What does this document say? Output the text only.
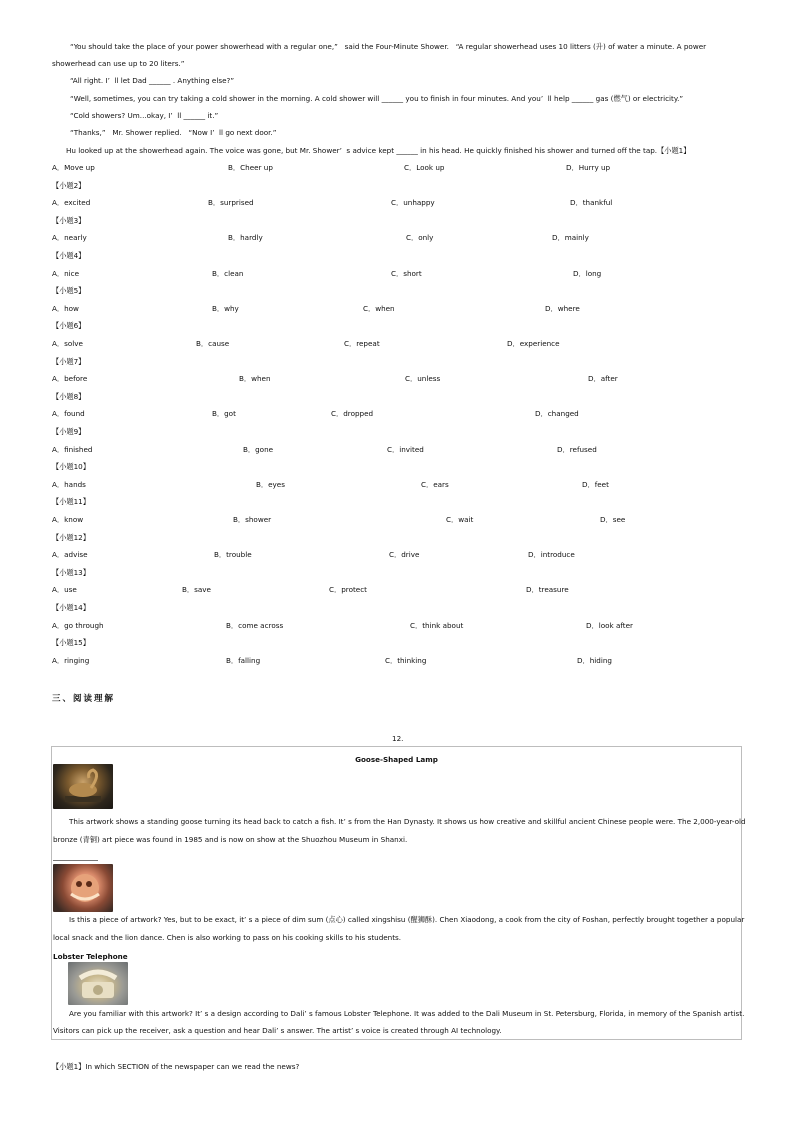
“You should take the place of your power showerhead with a regular one,”   said the Four-Minute Shower.   “A regular showerhead uses 10 litters (升) of water a minute. A power
showerhead can use up to 20 liters.”
“All right. I’  ll let Dad ______ . Anything else?”
“Well, sometimes, you can try taking a cold shower in the morning. A cold shower will ______ you to finish in four minutes. And you’  ll help ______ gas (燃气) or electricity.”
“Cold showers? Um...okay, I’  ll ______ it.”
“Thanks,”   Mr. Shower replied.   “Now I’  ll go next door.”
Hu looked up at the showerhead again. The voice was gone, but Mr. Shower’  s advice kept ______ in his head. He quickly finished his shower and turned off the tap.【小题1】
A．Move up	B．Cheer up	C．Look up	D．Hurry up
【小题2】
A．excited	B．surprised	C．unhappy	D．thankful
【小题3】
A．nearly	B．hardly	C．only	D．mainly
【小题4】
A．nice	B．clean	C．short	D．long
【小题5】
A．how	B．why	C．when	D．where
【小题6】
A．solve	B．cause	C．repeat	D．experience
【小题7】
A．before	B．when	C．unless	D．after
【小题8】
A．found	B．got	C．dropped	D．changed
【小题9】
A．finished	B．gone	C．invited	D．refused
【小题10】
A．hands	B．eyes	C．ears	D．feet
【小题11】
A．know	B．shower	C．wait	D．see
【小题12】
A．advise	B．trouble	C．drive	D．introduce
【小题13】
A．use	B．save	C．protect	D．treasure
【小题14】
A．go through	B．come across	C．think about	D．look after
【小题15】
A．ringing	B．falling	C．thinking	D．hiding
三、阅读理解
12.
Goose-Shaped Lamp
This artwork shows a standing goose turning its head back to catch a fish. It’ s from the Han Dynasty. It shows us how creative and skillful ancient Chinese people were. The 2,000-year-old
bronze (青铜) art piece was found in 1985 and is now on show at the Shuozhou Museum in Shanxi.
Is this a piece of artwork? Yes, but to be exact, it’ s a piece of dim sum (点心) called xingshisu (醒狮酥). Chen Xiaodong, a cook from the city of Foshan, perfectly brought together a popular
local snack and the lion dance. Chen is also working to pass on his cooking skills to his students.
Lobster Telephone
Are you familiar with this artwork? It’ s a design according to Dali’ s famous Lobster Telephone. It was added to the Dali Museum in St. Petersburg, Florida, in memory of the Spanish artist.
Visitors can pick up the receiver, ask a question and hear Dali’ s answer. The artist’ s voice is created through AI technology.
【小题1】In which SECTION of the newspaper can we read the news?
